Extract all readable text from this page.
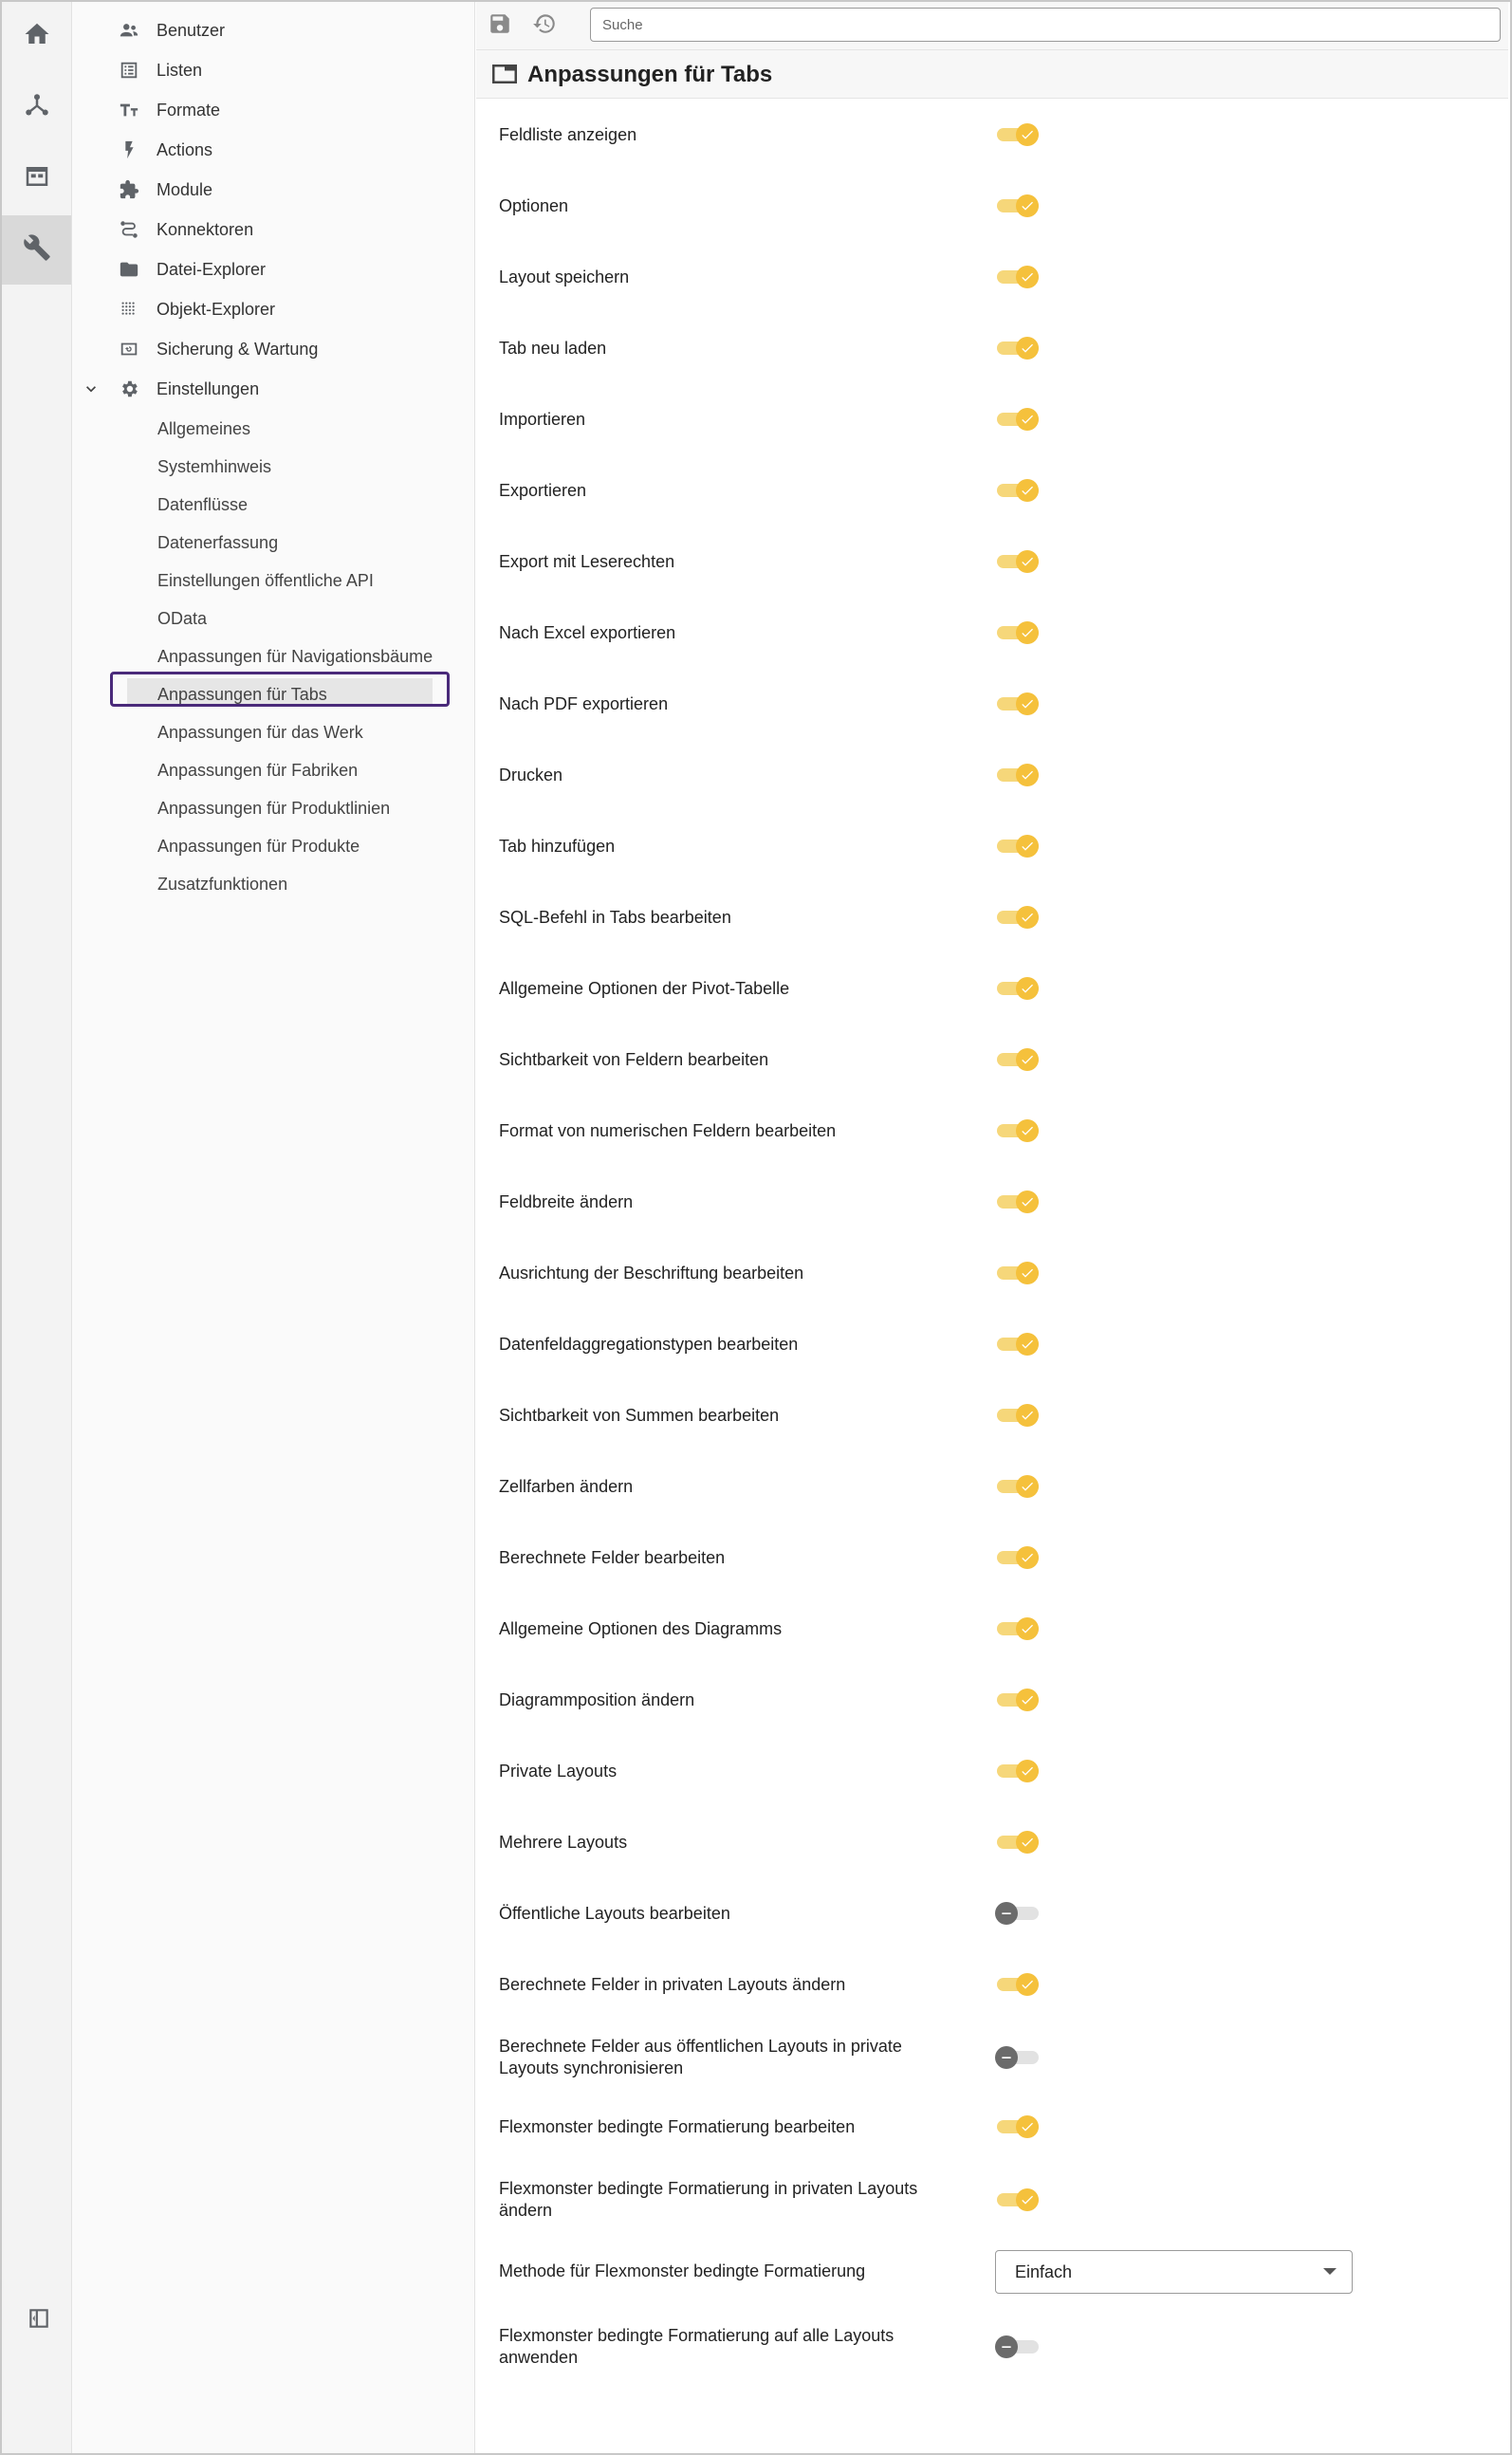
Benutzer
Listen
Formate
Actions
Module
Konnektoren
Datei-Explorer
Objekt-Explorer
Sicherung & Wartung
Einstellungen
Allgemeines
Systemhinweis
Datenflüsse
Datenerfassung
Einstellungen öffentliche API
OData
Anpassungen für Navigationsbäume
Anpassungen für Tabs
Anpassungen für das Werk
Anpassungen für Fabriken
Anpassungen für Produktlinien
Anpassungen für Produkte
Zusatzfunktionen
Suche
Anpassungen für Tabs
Feldliste anzeigen
Optionen
Layout speichern
Tab neu laden
Importieren
Exportieren
Export mit Leserechten
Nach Excel exportieren
Nach PDF exportieren
Drucken
Tab hinzufügen
SQL-Befehl in Tabs bearbeiten
Allgemeine Optionen der Pivot-Tabelle
Sichtbarkeit von Feldern bearbeiten
Format von numerischen Feldern bearbeiten
Feldbreite ändern
Ausrichtung der Beschriftung bearbeiten
Datenfeldaggregationstypen bearbeiten
Sichtbarkeit von Summen bearbeiten
Zellfarben ändern
Berechnete Felder bearbeiten
Allgemeine Optionen des Diagramms
Diagrammposition ändern
Private Layouts
Mehrere Layouts
Öffentliche Layouts bearbeiten
Berechnete Felder in privaten Layouts ändern
Berechnete Felder aus öffentlichen Layouts in private Layouts synchronisieren
Flexmonster bedingte Formatierung bearbeiten
Flexmonster bedingte Formatierung in privaten Layouts ändern
Methode für Flexmonster bedingte Formatierung
Flexmonster bedingte Formatierung auf alle Layouts anwenden
Einfach
